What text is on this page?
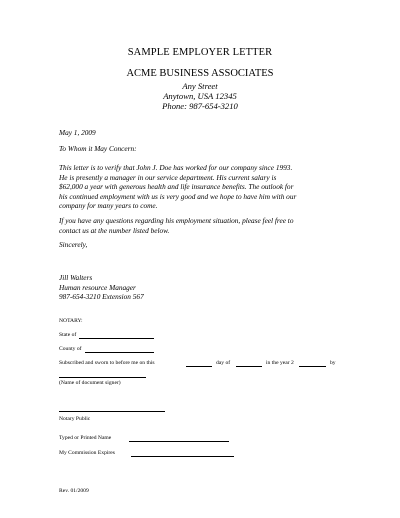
SAMPLE EMPLOYER LETTER
ACME BUSINESS ASSOCIATES
Any Street
Anytown, USA 12345
Phone: 987-654-3210
May 1, 2009
To Whom it May Concern:
This letter is to verify that John J. Doe has worked for our company since 1993.
He is presently a manager in our service department. His current salary is
$62,000 a year with generous health and life insurance benefits. The outlook for
his continued employment with us is very good and we hope to have him with our
company for many years to come.
If you have any questions regarding his employment situation, please feel free to
contact us at the number listed below.
Sincerely,
Jill Walters
Human resource Manager
987-654-3210 Extension 567
NOTARY:
State of
County of
Subscribed and sworn to before me on this	day of	in the year 2	by
(Name of document signer)
Notary Public
Typed or Printed Name
My Commission Expires
Rev. 01/2009
